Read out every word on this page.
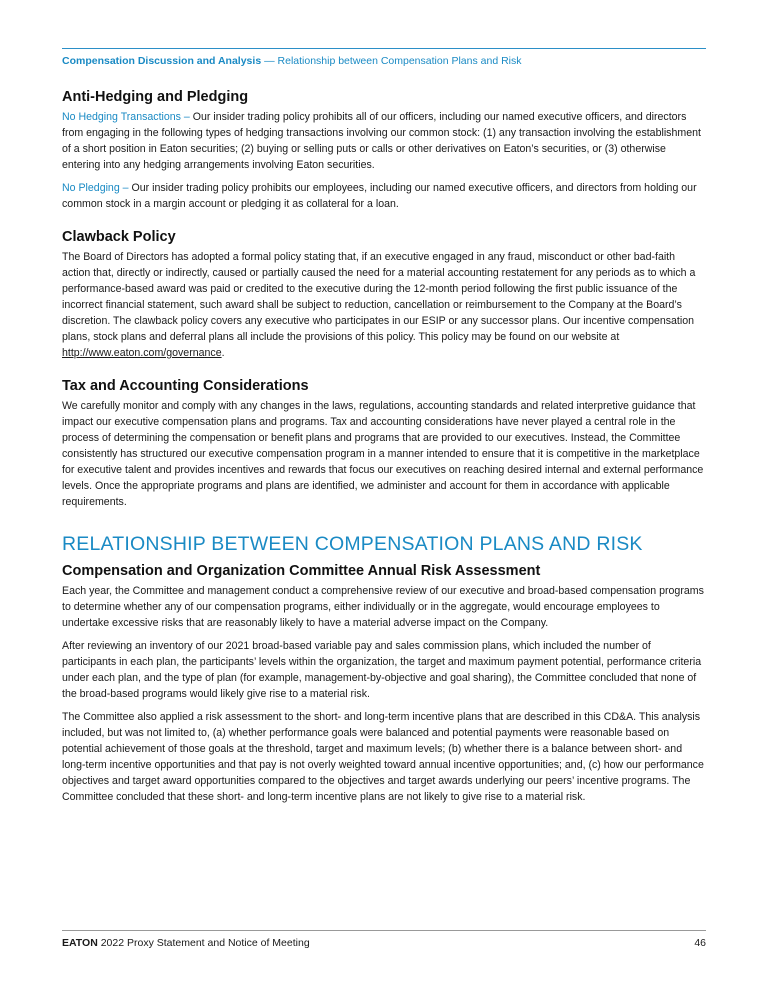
Compensation Discussion and Analysis — Relationship between Compensation Plans and Risk
Anti-Hedging and Pledging

No Hedging Transactions – Our insider trading policy prohibits all of our officers, including our named executive officers, and directors from engaging in the following types of hedging transactions involving our common stock: (1) any transaction involving the establishment of a short position in Eaton securities; (2) buying or selling puts or calls or other derivatives on Eaton’s securities, or (3) otherwise entering into any hedging arrangements involving Eaton securities.

No Pledging – Our insider trading policy prohibits our employees, including our named executive officers, and directors from holding our common stock in a margin account or pledging it as collateral for a loan.

Clawback Policy

The Board of Directors has adopted a formal policy stating that, if an executive engaged in any fraud, misconduct or other bad-faith action that, directly or indirectly, caused or partially caused the need for a material accounting restatement for any periods as to which a performance-based award was paid or credited to the executive during the 12-month period following the first public issuance of the incorrect financial statement, such award shall be subject to reduction, cancellation or reimbursement to the Company at the Board’s discretion. The clawback policy covers any executive who participates in our ESIP or any successor plans. Our incentive compensation plans, stock plans and deferral plans all include the provisions of this policy. This policy may be found on our website at http://www.eaton.com/governance.

Tax and Accounting Considerations

We carefully monitor and comply with any changes in the laws, regulations, accounting standards and related interpretive guidance that impact our executive compensation plans and programs. Tax and accounting considerations have never played a central role in the process of determining the compensation or benefit plans and programs that are provided to our executives. Instead, the Committee consistently has structured our executive compensation program in a manner intended to ensure that it is competitive in the marketplace for executive talent and provides incentives and rewards that focus our executives on reaching desired internal and external performance levels. Once the appropriate programs and plans are identified, we administer and account for them in accordance with applicable requirements.

RELATIONSHIP BETWEEN COMPENSATION PLANS AND RISK
Compensation and Organization Committee Annual Risk Assessment

Each year, the Committee and management conduct a comprehensive review of our executive and broad-based compensation programs to determine whether any of our compensation programs, either individually or in the aggregate, would encourage employees to undertake excessive risks that are reasonably likely to have a material adverse impact on the Company.

After reviewing an inventory of our 2021 broad-based variable pay and sales commission plans, which included the number of participants in each plan, the participants’ levels within the organization, the target and maximum payment potential, performance criteria under each plan, and the type of plan (for example, management-by-objective and goal sharing), the Committee concluded that none of the broad-based programs would likely give rise to a material risk.

The Committee also applied a risk assessment to the short- and long-term incentive plans that are described in this CD&A. This analysis included, but was not limited to, (a) whether performance goals were balanced and potential payments were reasonable based on potential achievement of those goals at the threshold, target and maximum levels; (b) whether there is a balance between short- and long-term incentive opportunities and that pay is not overly weighted toward annual incentive opportunities; and, (c) how our performance objectives and target award opportunities compared to the objectives and target awards underlying our peers’ incentive programs. The Committee concluded that these short- and long-term incentive plans are not likely to give rise to a material risk.

EATON 2022 Proxy Statement and Notice of Meeting	46
